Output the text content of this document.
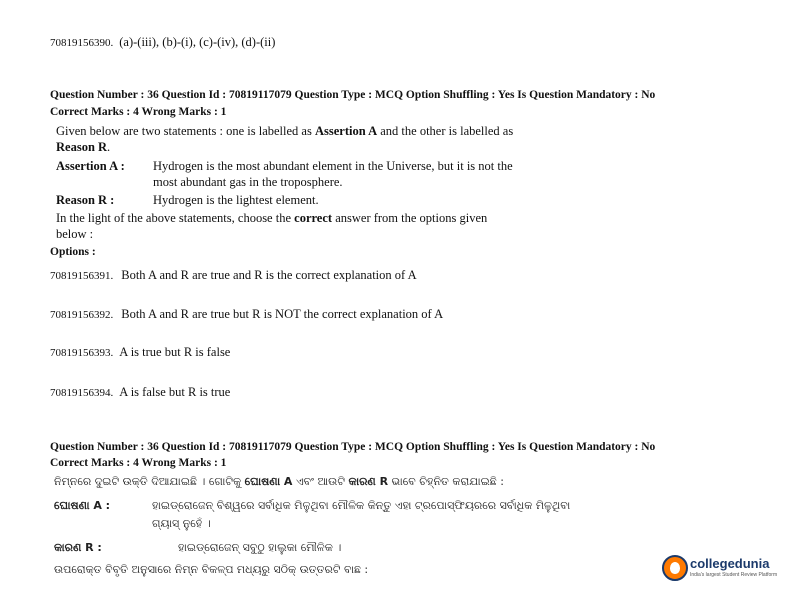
70819156390. (a)-(iii), (b)-(i), (c)-(iv), (d)-(ii)
Question Number : 36 Question Id : 70819117079 Question Type : MCQ Option Shuffling : Yes Is Question Mandatory : No
Correct Marks : 4 Wrong Marks : 1
Given below are two statements : one is labelled as Assertion A and the other is labelled as
Reason R.
Assertion A : Hydrogen is the most abundant element in the Universe, but it is not the
most abundant gas in the troposphere.
Reason R :	Hydrogen is the lightest element.
In the light of the above statements, choose the correct answer from the options given
below :
Options :
70819156391. Both A and R are true and R is the correct explanation of A
70819156392. Both A and R are true but R is NOT the correct explanation of A
70819156393. A is true but R is false
70819156394. A is false but R is true
Question Number : 36 Question Id : 70819117079 Question Type : MCQ Option Shuffling : Yes Is Question Mandatory : No
Correct Marks : 4 Wrong Marks : 1
ନିମ୍ନରେ ଦୁଇଟି ଉକ୍ତି ଦିଆଯାଇଛି । ଗୋଟିକୁ ଘୋଷଣା A ଏବଂ ଆଉଟି କାରଣ R ଭାବେ ଚିହ୍ନିତ କରାଯାଇଛି :
ଘୋଷଣା A :	ହାଇଡ୍ରୋଜେନ୍ ବିଶ୍ୱରେ ସର୍ବାଧିକ ମିଳୁଥିବା ମୌଳିକ କିନ୍ତୁ ଏହା ଟ୍ରପୋସ୍ଫିୟରରେ ସର୍ବାଧିକ ମିଳୁଥିବା
ଗ୍ୟାସ୍ ନୁହେଁ ।
କାରଣ R :	ହାଇଡ୍ରୋଜେନ୍ ସବୁଠୁ ହାଲୁକା ମୌଳିକ ।
ଉପରୋକ୍ତ ବିବୃତି ଅନୁସାରେ ନିମ୍ନ ବିକଳ୍ପ ମଧ୍ୟରୁ ସଠିକ୍ ଉତ୍ତରଟି ବାଛ :	collegedunia
India's largest Student Review Platform
